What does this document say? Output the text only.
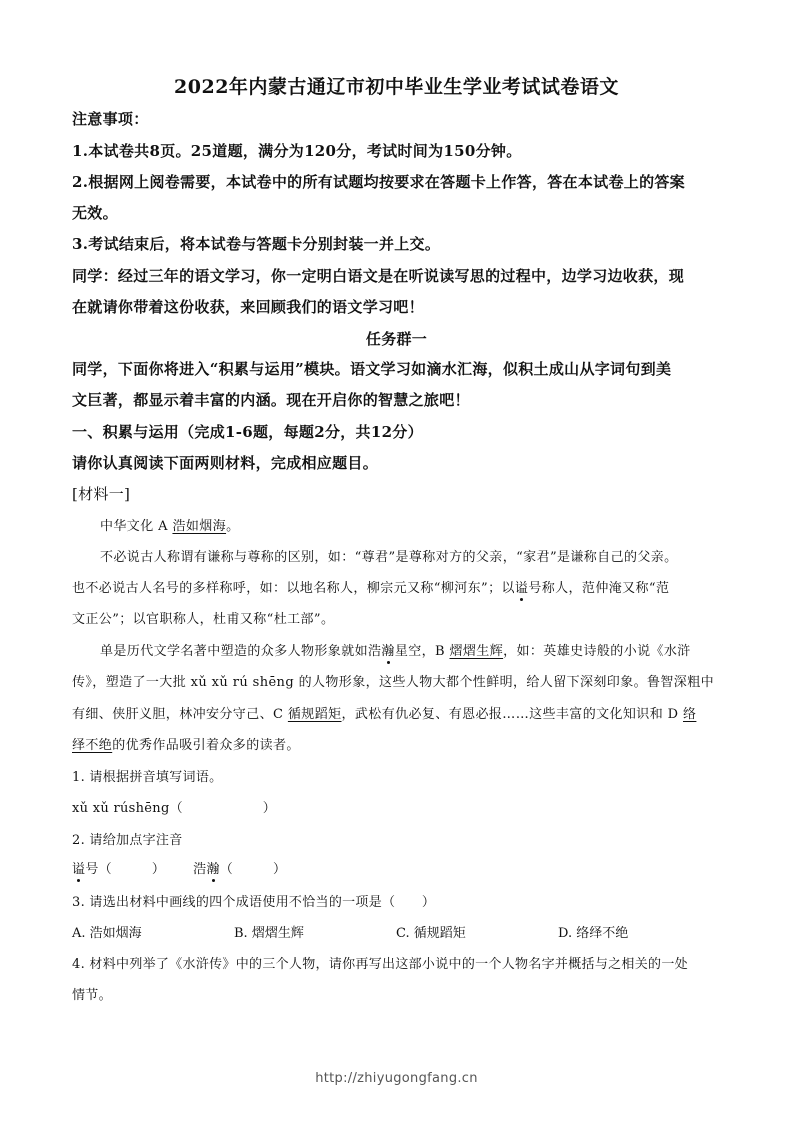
2022年内蒙古通辽市初中毕业生学业考试试卷语文
注意事项：
1.本试卷共8页。25道题，满分为120分，考试时间为150分钟。
2.根据网上阅卷需要，本试卷中的所有试题均按要求在答题卡上作答，答在本试卷上的答案
无效。
3.考试结束后，将本试卷与答题卡分别封装一并上交。
同学：经过三年的语文学习，你一定明白语文是在听说读写思的过程中，边学习边收获，现
在就请你带着这份收获，来回顾我们的语文学习吧！
任务群一
同学，下面你将进入“积累与运用”模块。语文学习如滴水汇海，似积土成山从字词句到美
文巨著，都显示着丰富的内涵。现在开启你的智慧之旅吧！
一、积累与运用（完成1-6题，每题2分，共12分）
请你认真阅读下面两则材料，完成相应题目。
[材料一]
中华文化 A 浩如烟海。
不必说古人称谓有谦称与尊称的区别，如：“尊君”是尊称对方的父亲，“家君”是谦称自己的父亲。
也不必说古人名号的多样称呼，如：以地名称人，柳宗元又称“柳河东”；以谥号称人，范仲淹又称“范
文正公”；以官职称人，杜甫又称“杜工部”。
单是历代文学名著中塑造的众多人物形象就如浩瀚星空，B 熠熠生辉，如：英雄史诗般的小说《水浒
传》，塑造了一大批 xǔ xǔ rú shēng 的人物形象，这些人物大都个性鲜明，给人留下深刻印象。鲁智深粗中
有细、侠肝义胆，林冲安分守己、C 循规蹈矩，武松有仇必复、有恩必报……这些丰富的文化知识和 D 络
绎不绝的优秀作品吸引着众多的读者。
1. 请根据拼音填写词语。
xǔ xǔ rúshēng（　　　　　　）
2. 请给加点字注音
谥号（　　　） 浩瀚（　　　）
3. 请选出材料中画线的四个成语使用不恰当的一项是（　　）
A. 浩如烟海	B. 熠熠生辉	C. 循规蹈矩	D. 络绎不绝
4. 材料中列举了《水浒传》中的三个人物，请你再写出这部小说中的一个人物名字并概括与之相关的一处
情节。
http://zhiyugongfang.cn
